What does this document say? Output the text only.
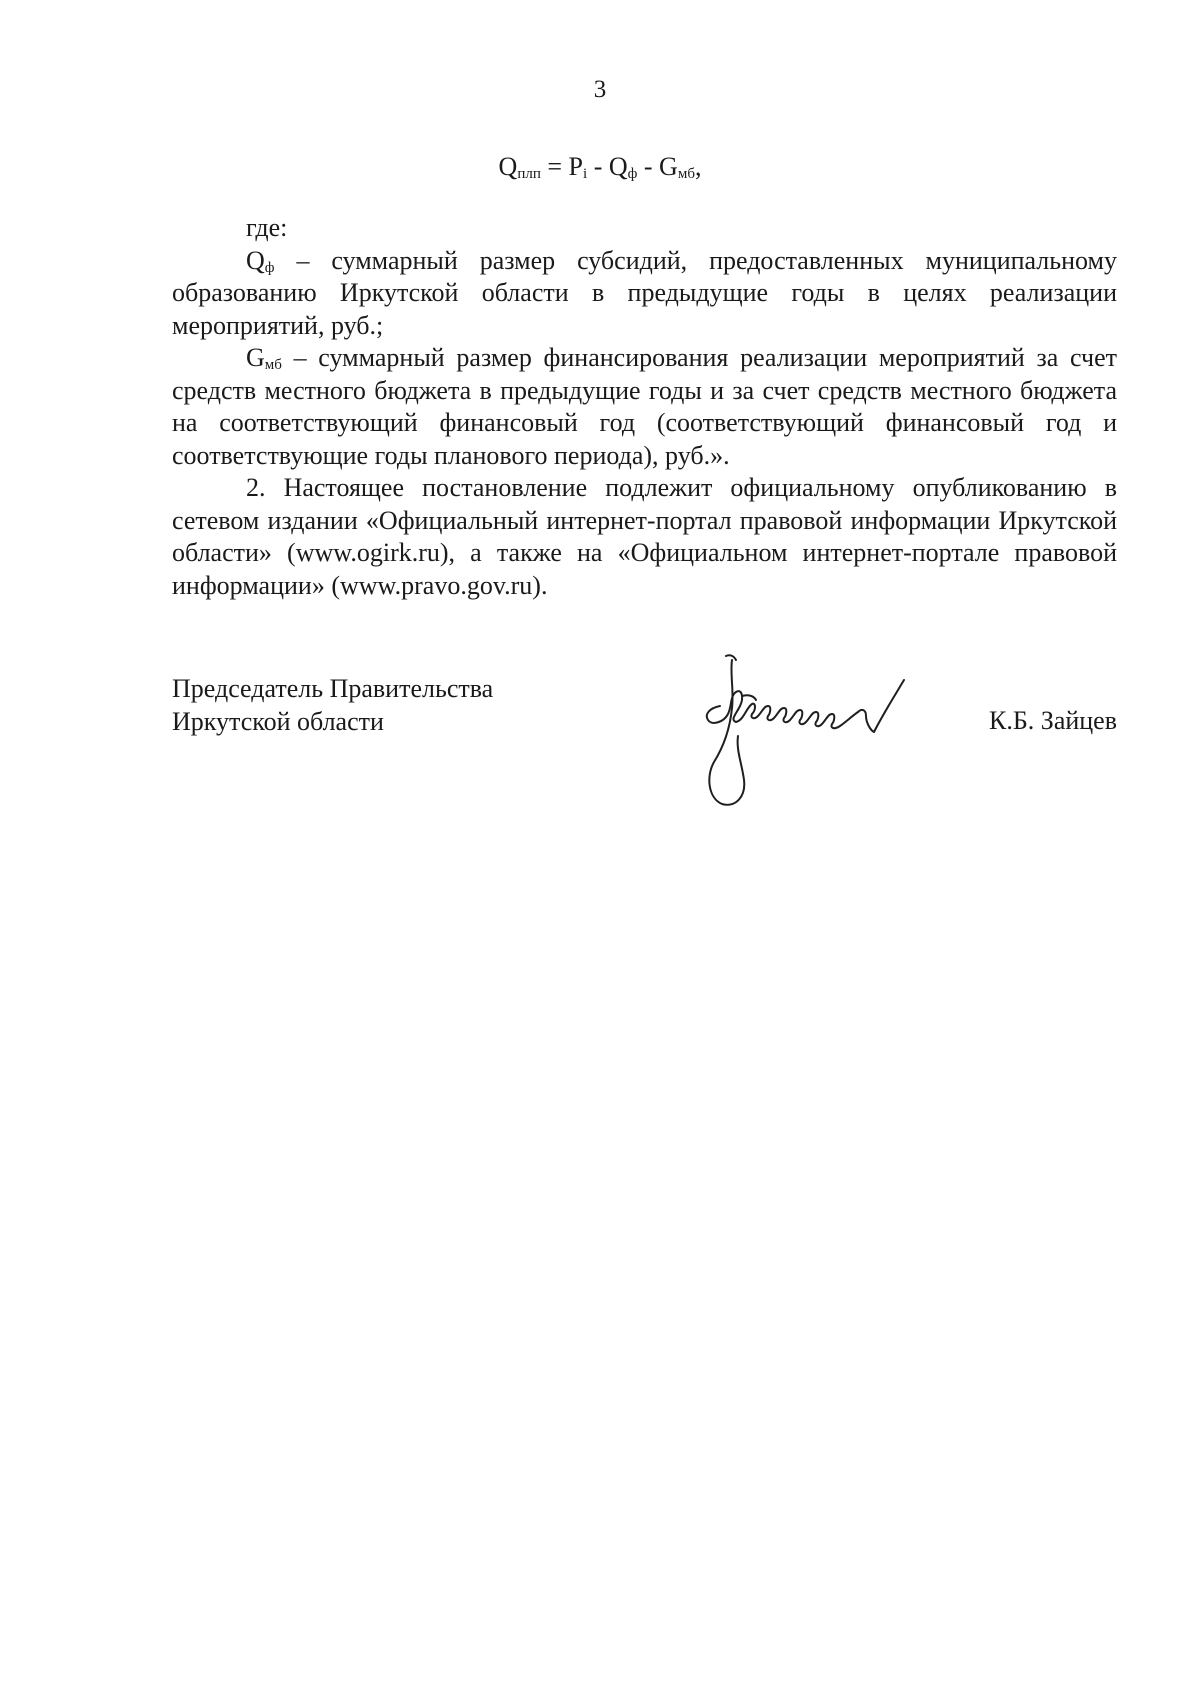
3
$Q_{плп} = P_i - Q_ф - G_{мб}$,

где:

$Q_ф$ – суммарный размер субсидий, предоставленных муниципальному образованию Иркутской области в предыдущие годы в целях реализации мероприятий, руб.;

$G_{мб}$ – суммарный размер финансирования реализации мероприятий за счет средств местного бюджета в предыдущие годы и за счет средств местного бюджета на соответствующий финансовый год (соответствующий финансовый год и соответствующие годы планового периода), руб.».

2. Настоящее постановление подлежит официальному опубликованию в сетевом издании «Официальный интернет-портал правовой информации Иркутской области» (www.ogirk.ru), а также на «Официальном интернет-портале правовой информации» (www.pravo.gov.ru).

Председатель Правительства
Иркутской области	К.Б. Зайцев
